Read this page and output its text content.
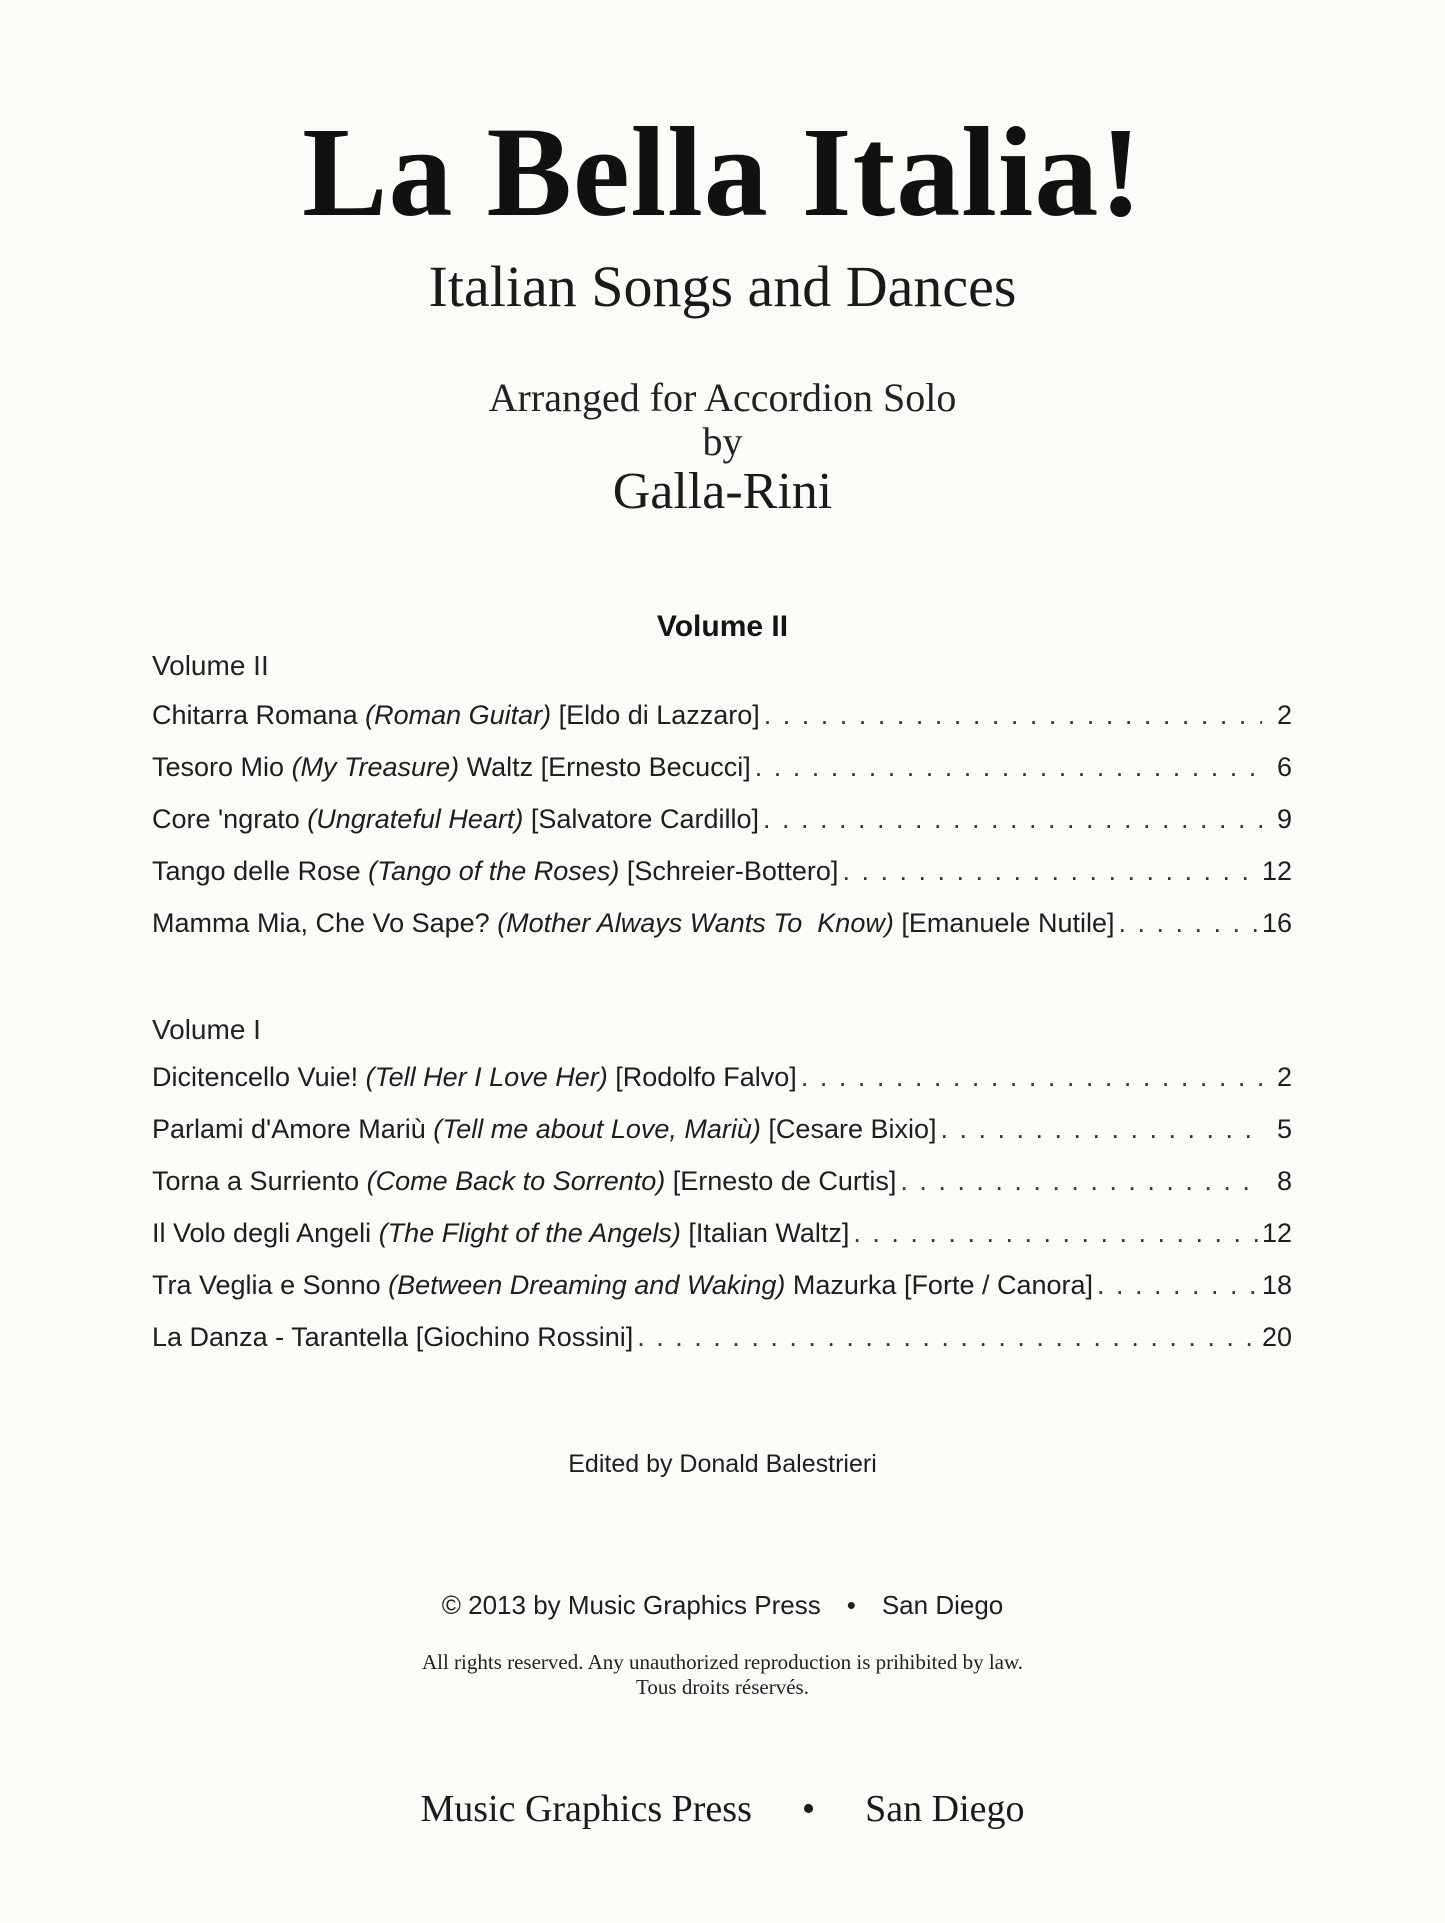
La Bella Italia!
Italian Songs and Dances
Arranged for Accordion Solo
by
Galla-Rini
Volume II
Volume II
Chitarra Romana (Roman Guitar) [Eldo di Lazzaro] . . .	2
Tesoro Mio (My Treasure) Waltz [Ernesto Becucci] . . .	6
Core 'ngrato (Ungrateful Heart) [Salvatore Cardillo] . . .	9
Tango delle Rose (Tango of the Roses) [Schreier-Bottero] . . .	12
Mamma Mia, Che Vo Sape? (Mother Always Wants To  Know) [Emanuele Nutile] . . .	16
Volume I
Dicitencello Vuie! (Tell Her I Love Her) [Rodolfo Falvo] . . .	2
Parlami d'Amore Mariù (Tell me about Love, Mariù) [Cesare Bixio] . . .	5
Torna a Surriento (Come Back to Sorrento) [Ernesto de Curtis] . . .	8
Il Volo degli Angeli (The Flight of the Angels) [Italian Waltz] . . .	12
Tra Veglia e Sonno (Between Dreaming and Waking) Mazurka [Forte / Canora] . . .	18
La Danza - Tarantella [Giochino Rossini] . . .	20
Edited by Donald Balestrieri
© 2013 by Music Graphics Press • San Diego
All rights reserved. Any unauthorized reproduction is prihibited by law.
Tous droits réservés.
Music Graphics Press • San Diego
